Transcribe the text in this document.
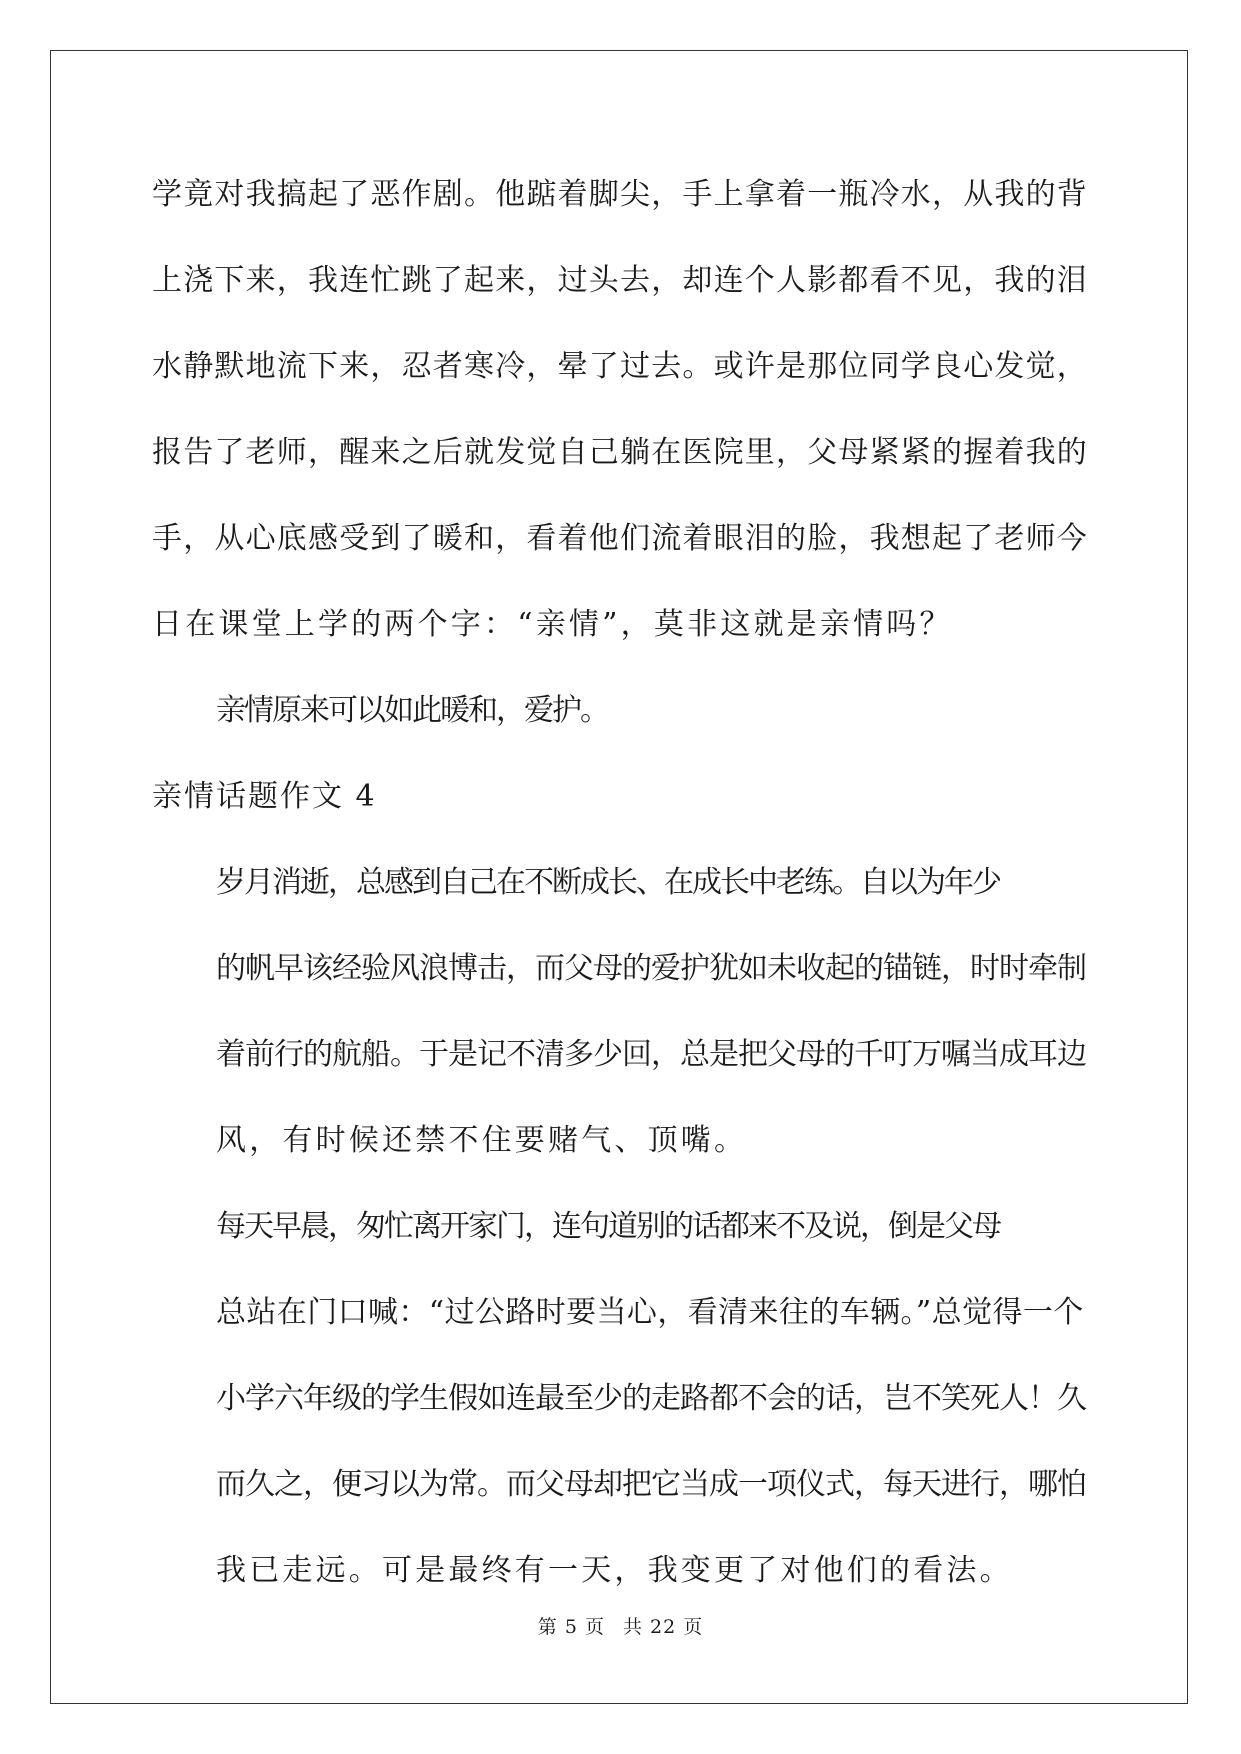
学竟对我搞起了恶作剧。他踮着脚尖，手上拿着一瓶冷水，从我的背
上浇下来，我连忙跳了起来，过头去，却连个人影都看不见，我的泪
水静默地流下来，忍者寒冷，晕了过去。或许是那位同学良心发觉，
报告了老师，醒来之后就发觉自己躺在医院里，父母紧紧的握着我的
手，从心底感受到了暖和，看着他们流着眼泪的脸，我想起了老师今
日在课堂上学的两个字：“亲情”，莫非这就是亲情吗？

亲情原来可以如此暖和，爱护。

亲情话题作文 4

岁月消逝，总感到自己在不断成长、在成长中老练。自以为年少
的帆早该经验风浪博击，而父母的爱护犹如未收起的锚链，时时牵制
着前行的航船。于是记不清多少回，总是把父母的千叮万嘱当成耳边
风，有时候还禁不住要赌气、顶嘴。

每天早晨，匆忙离开家门，连句道别的话都来不及说，倒是父母
总站在门口喊：“过公路时要当心，看清来往的车辆。”总觉得一个
小学六年级的学生假如连最至少的走路都不会的话，岂不笑死人！久
而久之，便习以为常。而父母却把它当成一项仪式，每天进行，哪怕
我已走远。可是最终有一天，我变更了对他们的看法。

第 5 页 共 22 页
